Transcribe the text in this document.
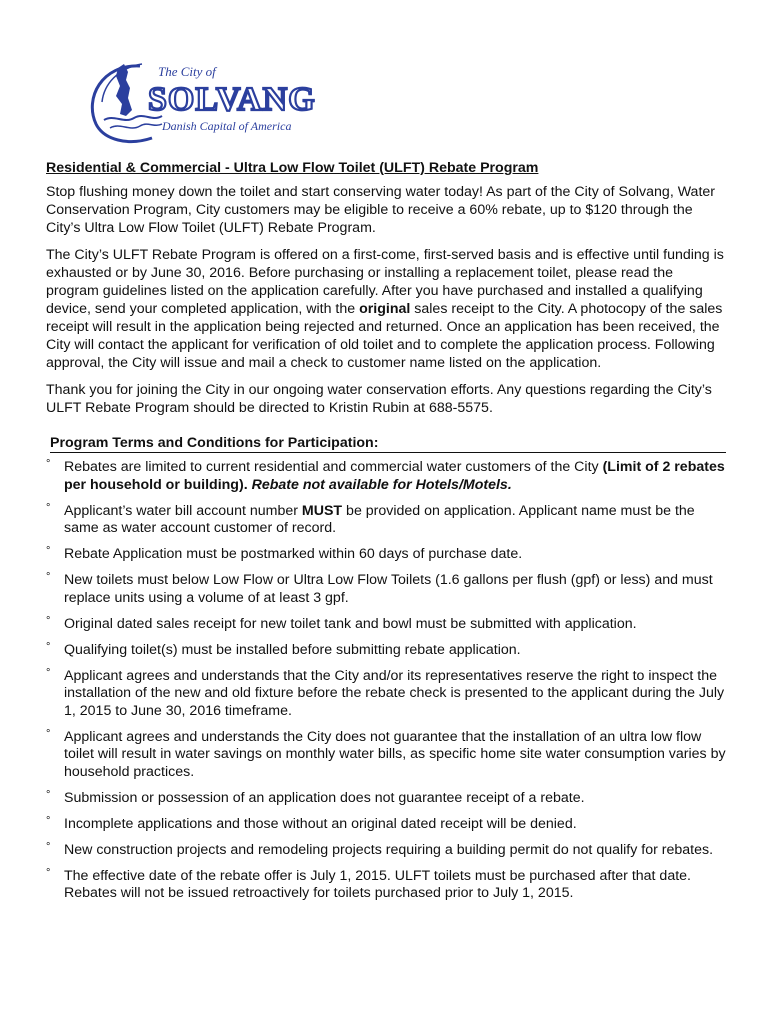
The City of
SOLVANG
Danish Capital of America

Residential & Commercial - Ultra Low Flow Toilet (ULFT) Rebate Program

Stop flushing money down the toilet and start conserving water today! As part of the City of Solvang, Water Conservation Program, City customers may be eligible to receive a 60% rebate, up to $120 through the City’s Ultra Low Flow Toilet (ULFT) Rebate Program.

The City’s ULFT Rebate Program is offered on a first-come, first-served basis and is effective until funding is exhausted or by June 30, 2016. Before purchasing or installing a replacement toilet, please read the program guidelines listed on the application carefully. After you have purchased and installed a qualifying device, send your completed application, with the original sales receipt to the City. A photocopy of the sales receipt will result in the application being rejected and returned. Once an application has been received, the City will contact the applicant for verification of old toilet and to complete the application process. Following approval, the City will issue and mail a check to customer name listed on the application.

Thank you for joining the City in our ongoing water conservation efforts. Any questions regarding the City’s ULFT Rebate Program should be directed to Kristin Rubin at 688-5575.

Program Terms and Conditions for Participation:
° Rebates are limited to current residential and commercial water customers of the City (Limit of 2 rebates per household or building). Rebate not available for Hotels/Motels.
° Applicant’s water bill account number MUST be provided on application. Applicant name must be the same as water account customer of record.
° Rebate Application must be postmarked within 60 days of purchase date.
° New toilets must below Low Flow or Ultra Low Flow Toilets (1.6 gallons per flush (gpf) or less) and must replace units using a volume of at least 3 gpf.
° Original dated sales receipt for new toilet tank and bowl must be submitted with application.
° Qualifying toilet(s) must be installed before submitting rebate application.
° Applicant agrees and understands that the City and/or its representatives reserve the right to inspect the installation of the new and old fixture before the rebate check is presented to the applicant during the July 1, 2015 to June 30, 2016 timeframe.
° Applicant agrees and understands the City does not guarantee that the installation of an ultra low flow toilet will result in water savings on monthly water bills, as specific home site water consumption varies by household practices.
° Submission or possession of an application does not guarantee receipt of a rebate.
° Incomplete applications and those without an original dated receipt will be denied.
° New construction projects and remodeling projects requiring a building permit do not qualify for rebates.
° The effective date of the rebate offer is July 1, 2015. ULFT toilets must be purchased after that date. Rebates will not be issued retroactively for toilets purchased prior to July 1, 2015.
